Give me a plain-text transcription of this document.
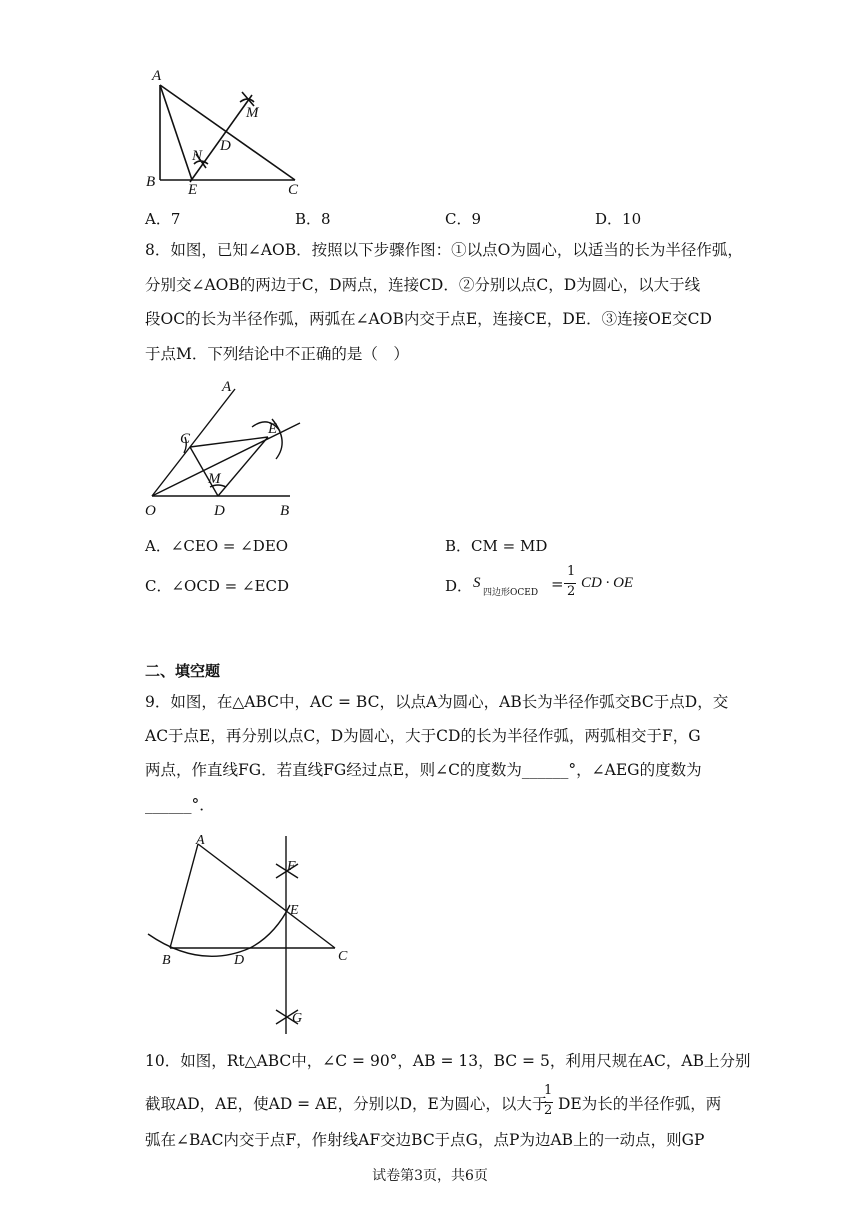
A
B	C
D
E
M
N
A．7	B．8	C．9	D．10
8．如图，已知∠AOB．按照以下步骤作图：①以点O为圆心，以适当的长为半径作弧，
分别交∠AOB的两边于C，D两点，连接CD．②分别以点C，D为圆心，以大于线
段OC的长为半径作弧，两弧在∠AOB内交于点E，连接CE，DE．③连接OE交CD
于点M．下列结论中不正确的是（　）
A
C
E
M
O	D	B
A．∠CEO = ∠DEO	B．CM = MD
C．∠OCD = ∠ECD	D． S
四边形OCED =
1
2
CD · OE
二、填空题
9．如图，在△ABC中，AC = BC，以点A为圆心，AB长为半径作弧交BC于点D，交
AC于点E，再分别以点C，D为圆心，大于CD的长为半径作弧，两弧相交于F，G
两点，作直线FG．若直线FG经过点E，则∠C的度数为______°，∠AEG的度数为
______°．
A
B	C
D
E
F
G
10．如图，Rt△ABC中，∠C = 90°，AB = 13，BC = 5，利用尺规在AC，AB上分别
截取AD，AE，使AD = AE，分别以D，E为圆心，以大于
1
2 DE为长的半径作弧，两
弧在∠BAC内交于点F，作射线AF交边BC于点G，点P为边AB上的一动点，则GP
试卷第3页，共6页
